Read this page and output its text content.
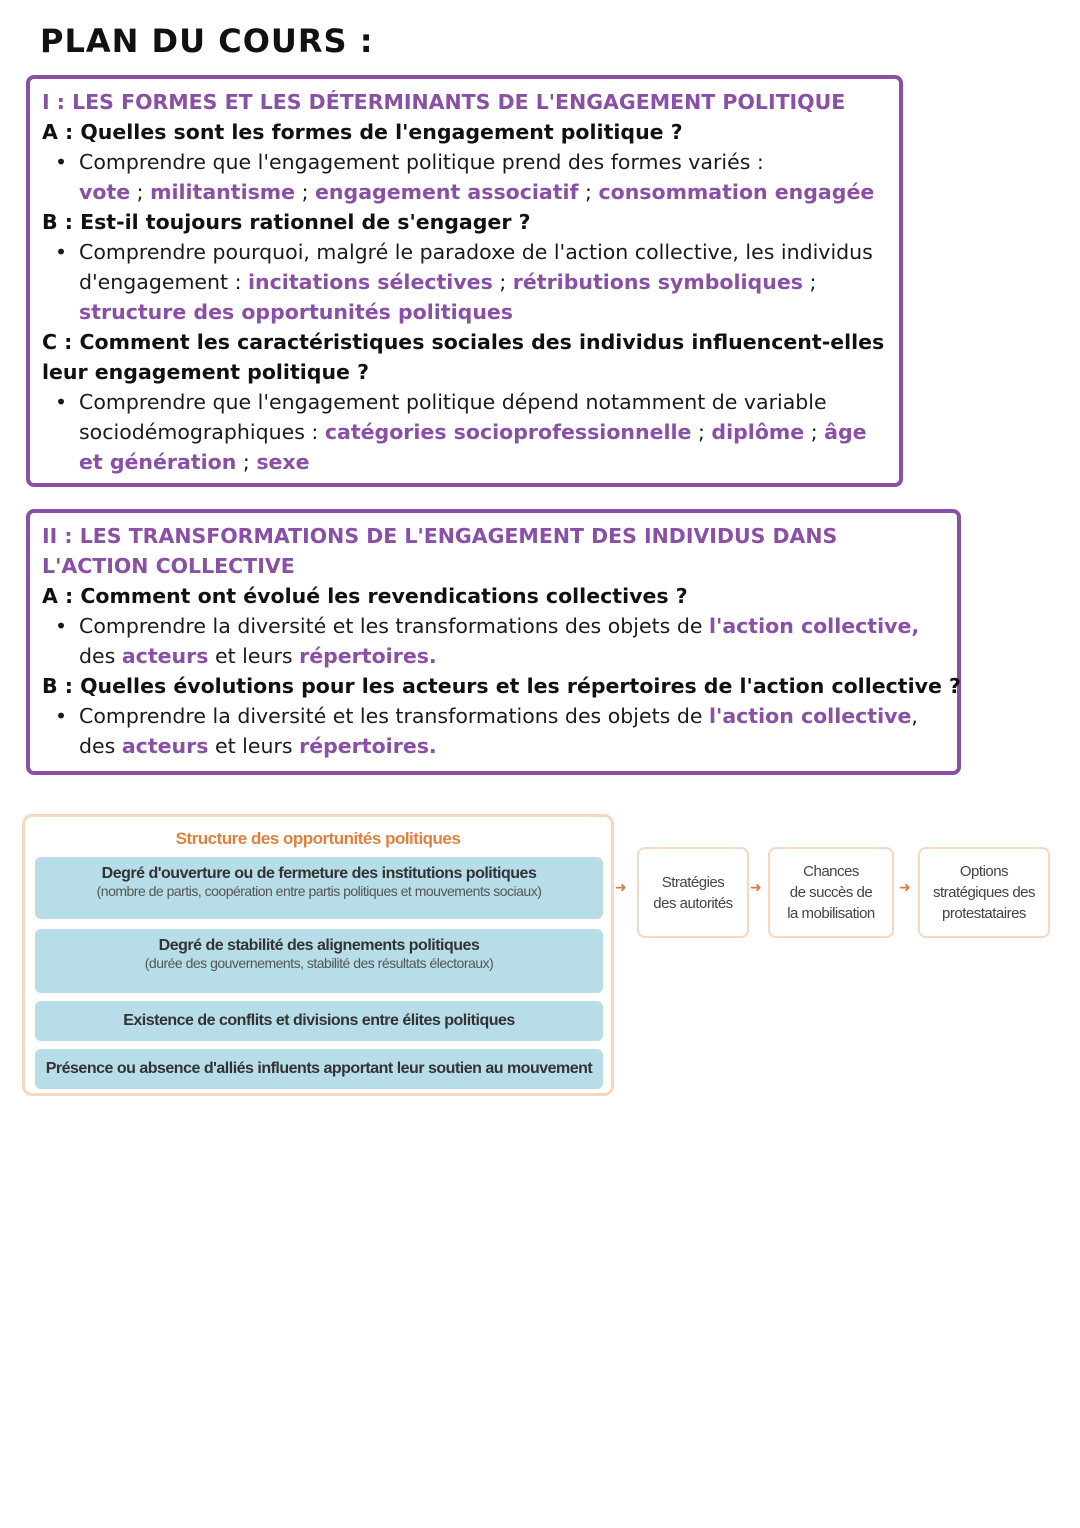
PLAN DU COURS :
I : LES FORMES ET LES DÉTERMINANTS DE L'ENGAGEMENT POLITIQUE
A : Quelles sont les formes de l'engagement politique ?
• Comprendre que l'engagement politique prend des formes variés :
vote ; militantisme ; engagement associatif ; consommation engagée
B : Est-il toujours rationnel de s'engager ?
• Comprendre pourquoi, malgré le paradoxe de l'action collective, les individus d'engagement : incitations sélectives ; rétributions symboliques ; structure des opportunités politiques
C : Comment les caractéristiques sociales des individus influencent-elles leur engagement politique ?
• Comprendre que l'engagement politique dépend notamment de variable sociodémographiques : catégories socioprofessionnelle ; diplôme ; âge et génération ; sexe
II : LES TRANSFORMATIONS DE L'ENGAGEMENT DES INDIVIDUS DANS L'ACTION COLLECTIVE
A : Comment ont évolué les revendications collectives ?
• Comprendre la diversité et les transformations des objets de l'action collective, des acteurs et leurs répertoires.
B : Quelles évolutions pour les acteurs et les répertoires de l'action collective ?
• Comprendre la diversité et les transformations des objets de l'action collective, des acteurs et leurs répertoires.
Structure des opportunités politiques
Degré d'ouverture ou de fermeture des institutions politiques
(nombre de partis, coopération entre partis politiques et mouvements sociaux)
Degré de stabilité des alignements politiques
(durée des gouvernements, stabilité des résultats électoraux)
Existence de conflits et divisions entre élites politiques
Présence ou absence d'alliés influents apportant leur soutien au mouvement
➜	Stratégies
des autorités
➜
Chances
de succès de
la mobilisation
➜
Options
stratégiques des
protestataires
